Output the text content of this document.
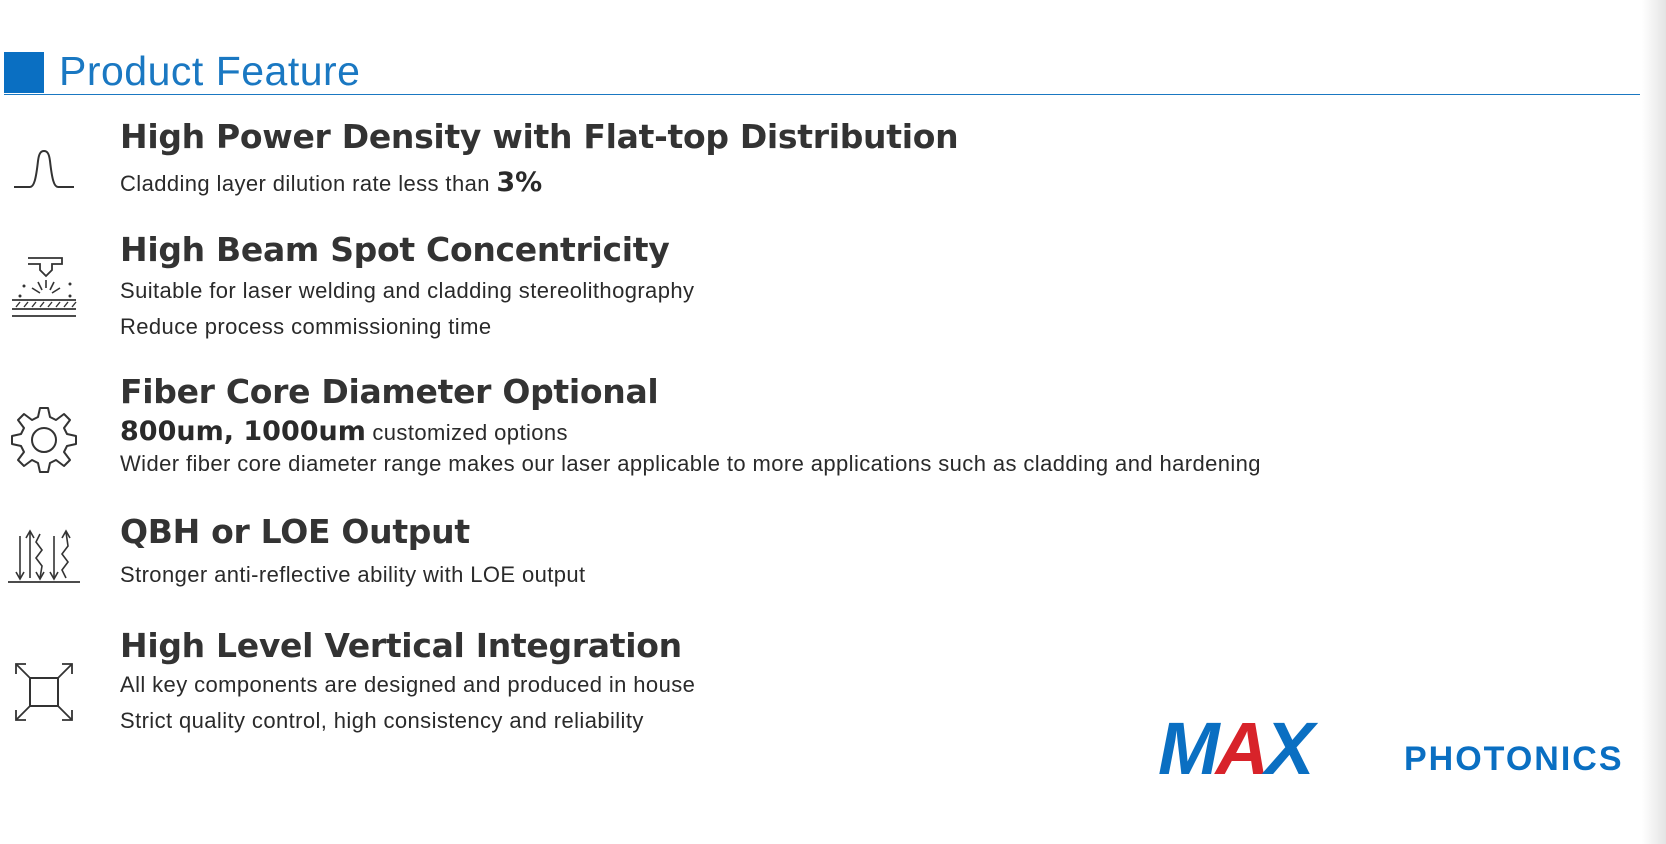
Product Feature

High Power Density with Flat-top Distribution

Cladding layer dilution rate less than 3%

High Beam Spot Concentricity

Suitable for laser welding and cladding stereolithography

Reduce process commissioning time

Fiber Core Diameter Optional

800um, 1000um customized options

Wider fiber core diameter range makes our laser applicable to more applications such as cladding and hardening

QBH or LOE Output

Stronger anti-reflective ability with LOE output

High Level Vertical Integration

All key components are designed and produced in house

Strict quality control, high consistency and reliability	MAX	PHOTONICS
